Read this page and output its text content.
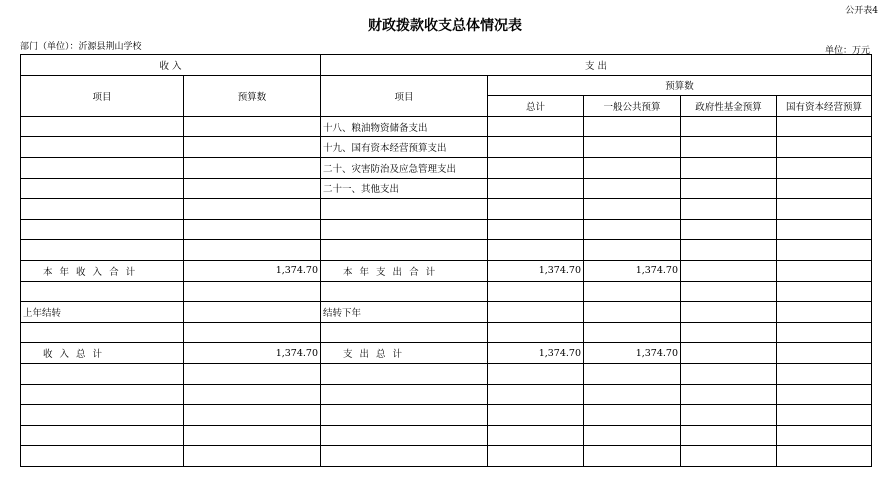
公开表4
财政拨款收支总体情况表
部门（单位）：沂源县荆山学校	单位：万元
收 入		支 出				
项目	预算数	项目	预算数			
			总计	一般公共预算	政府性基金预算	国有资本经营预算
		十八、粮油物资储备支出				
		十九、国有资本经营预算支出				
		二十、灾害防治及应急管理支出				
		二十一、其他支出				

本 年 收 入 合 计	1,374.70	本 年 支 出 合 计	1,374.70	1,374.70		

上年结转		结转下年				

收 入 总 计	1,374.70	支 出 总 计	1,374.70	1,374.70		
